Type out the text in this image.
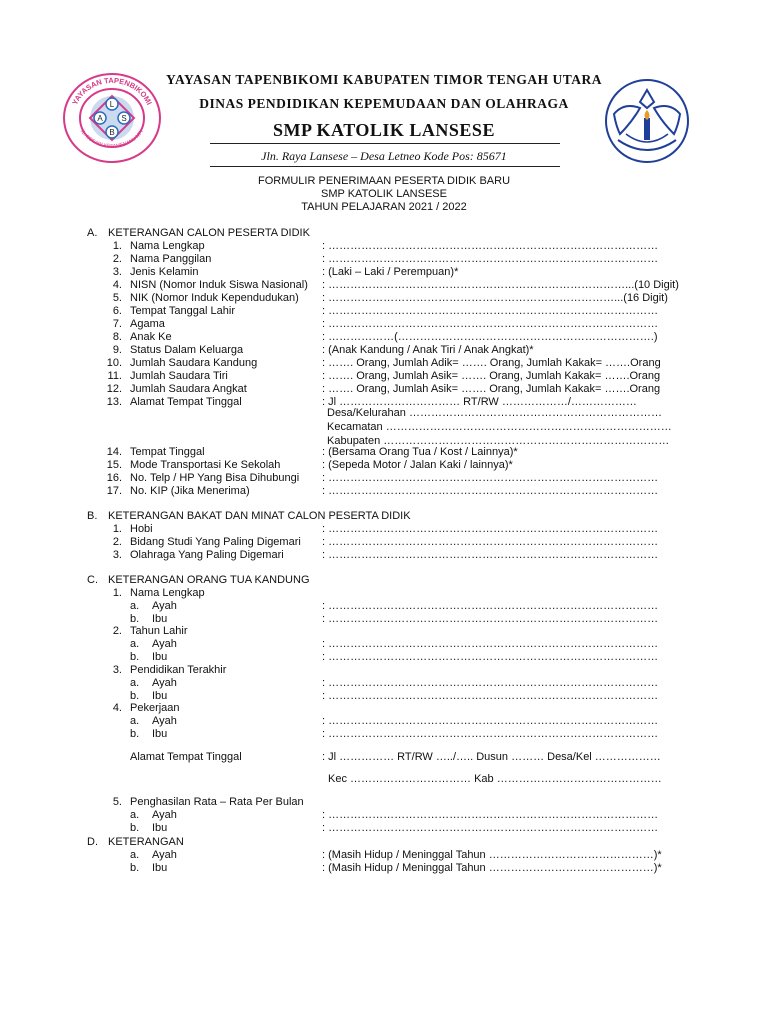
L
A S
B
YAYASAN TAPENBIKOMI
JL. ROSARI KEFAMENANU NTT
YAYASAN TAPENBIKOMI KABUPATEN TIMOR TENGAH UTARA
DINAS PENDIDIKAN KEPEMUDAAN DAN OLAHRAGA
SMP KATOLIK LANSESE
Jln. Raya Lansese – Desa Letneo Kode Pos: 85671
FORMULIR PENERIMAAN PESERTA DIDIK BARU
SMP KATOLIK LANSESE
TAHUN PELAJARAN 2021 / 2022
A. KETERANGAN CALON PESERTA DIDIK
1. Nama Lengkap	: ………………………………………………………………………………
2. Nama Panggilan	: ………………………………………………………………………………
3. Jenis Kelamin	: (Laki – Laki / Perempuan)*
4. NISN (Nomor Induk Siswa Nasional) : ………………………………………………………………………...(10 Digit)
5. NIK (Nomor Induk Kependudukan) : ……………………………………………………………………...(16 Digit)
6. Tempat Tanggal Lahir	: ………………………………………………………………………………
7. Agama	: ………………………………………………………………………………
8. Anak Ke	: ………………(…………………………………………………………….)
9. Status Dalam Keluarga	: (Anak Kandung / Anak Tiri / Anak Angkat)*
10. Jumlah Saudara Kandung	: ……. Orang, Jumlah Adik= ……. Orang, Jumlah Kakak= …….Orang
11. Jumlah Saudara Tiri	: ……. Orang, Jumlah Asik= ……. Orang, Jumlah Kakak= …….Orang
12. Jumlah Saudara Angkat	: ……. Orang, Jumlah Asik= ……. Orang, Jumlah Kakak= …….Orang
13. Alamat Tempat Tinggal	: Jl …………………………… RT/RW ………………/………………
Desa/Kelurahan ……………………………………………………………
Kecamatan ……………………………………………………………………
Kabupaten ……………………………………………………………………
14. Tempat Tinggal	: (Bersama Orang Tua / Kost / Lainnya)*
15. Mode Transportasi Ke Sekolah	: (Sepeda Motor / Jalan Kaki / lainnya)*
16. No. Telp / HP Yang Bisa Dihubungi : ………………………………………………………………………………
17. No. KIP (Jika Menerima)	: ………………………………………………………………………………
B. KETERANGAN BAKAT DAN MINAT CALON PESERTA DIDIK
1. Hobi	: ………………………………………………………………………………
2. Bidang Studi Yang Paling Digemari : ………………………………………………………………………………
3. Olahraga Yang Paling Digemari	: ………………………………………………………………………………
C. KETERANGAN ORANG TUA KANDUNG
1. Nama Lengkap
a. Ayah	: ………………………………………………………………………………
b. Ibu	: ………………………………………………………………………………
2. Tahun Lahir
a. Ayah	: ………………………………………………………………………………
b. Ibu	: ………………………………………………………………………………
3. Pendidikan Terakhir
a. Ayah	: ………………………………………………………………………………
b. Ibu	: ………………………………………………………………………………
4. Pekerjaan
a. Ayah	: ………………………………………………………………………………
b. Ibu	: ………………………………………………………………………………
Alamat Tempat Tinggal	: Jl …………… RT/RW …../….. Dusun ……… Desa/Kel ………………
Kec …………………………… Kab ………………………………………
5. Penghasilan Rata – Rata Per Bulan
a. Ayah	: ………………………………………………………………………………
b. Ibu	: ………………………………………………………………………………
D. KETERANGAN
a. Ayah	: (Masih Hidup / Meninggal Tahun ………………………………………)*
b. Ibu	: (Masih Hidup / Meninggal Tahun ………………………………………)*
